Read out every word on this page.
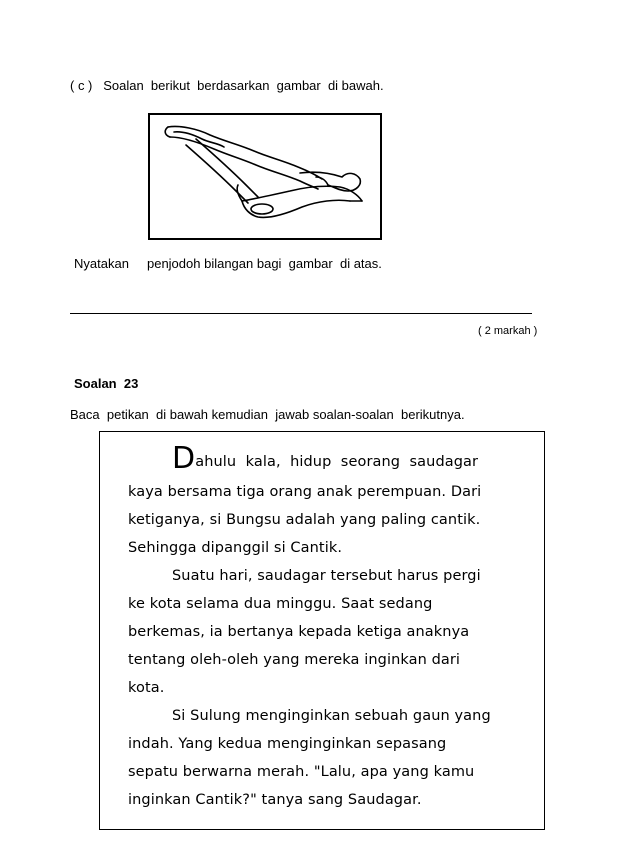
( c )   Soalan  berikut  berdasarkan  gambar  di bawah.
Nyatakan     penjodoh bilangan bagi  gambar  di atas.
( 2 markah )
Soalan  23
Baca  petikan  di bawah kemudian  jawab soalan-soalan  berikutnya.
Dahulu  kala,  hidup  seorang  saudagar
kaya bersama tiga orang anak perempuan. Dari
ketiganya, si Bungsu adalah yang paling cantik.
Sehingga dipanggil si Cantik.
Suatu hari, saudagar tersebut harus pergi
ke kota selama dua minggu. Saat sedang
berkemas, ia bertanya kepada ketiga anaknya
tentang oleh-oleh yang mereka inginkan dari
kota.
Si Sulung menginginkan sebuah gaun yang
indah. Yang kedua menginginkan sepasang
sepatu berwarna merah. "Lalu, apa yang kamu
inginkan Cantik?" tanya sang Saudagar.
